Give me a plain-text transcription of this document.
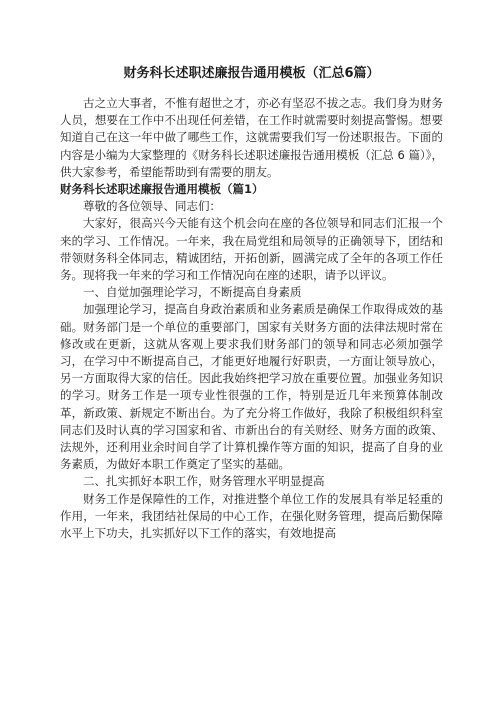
财务科长述职述廉报告通用模板（汇总6篇）

古之立大事者，不惟有超世之才，亦必有坚忍不拔之志。我们身为财务人员，想要在工作中不出现任何差错，在工作时就需要时刻提高警惕。想要知道自己在这一年中做了哪些工作，这就需要我们写一份述职报告。下面的内容是小编为大家整理的《财务科长述职述廉报告通用模板（汇总 6 篇）》，供大家参考，希望能帮助到有需要的朋友。

财务科长述职述廉报告通用模板（篇1）

尊敬的各位领导、同志们：

大家好，很高兴今天能有这个机会向在座的各位领导和同志们汇报一个来的学习、工作情况。一年来，我在局党组和局领导的正确领导下，团结和带领财务科全体同志，精诚团结，开拓创新，圆满完成了全年的各项工作任务。现将我一年来的学习和工作情况向在座的述职，请予以评议。

一、自觉加强理论学习，不断提高自身素质

加强理论学习，提高自身政治素质和业务素质是确保工作取得成效的基础。财务部门是一个单位的重要部门，国家有关财务方面的法律法规时常在修改或在更新，这就从客观上要求我们财务部门的领导和同志必须加强学习，在学习中不断提高自己，才能更好地履行好职责，一方面让领导放心，另一方面取得大家的信任。因此我始终把学习放在重要位置。加强业务知识的学习。财务工作是一项专业性很强的工作，特别是近几年来预算体制改革，新政策、新规定不断出台。为了充分将工作做好，我除了积极组织科室同志们及时认真的学习国家和省、市新出台的有关财经、财务方面的政策、法规外，还利用业余时间自学了计算机操作等方面的知识，提高了自身的业务素质，为做好本职工作奠定了坚实的基础。

二、扎实抓好本职工作，财务管理水平明显提高

财务工作是保障性的工作，对推进整个单位工作的发展具有举足轻重的作用，一年来，我团结社保局的中心工作，在强化财务管理，提高后勤保障水平上下功夫，扎实抓好以下工作的落实，有效地提高
